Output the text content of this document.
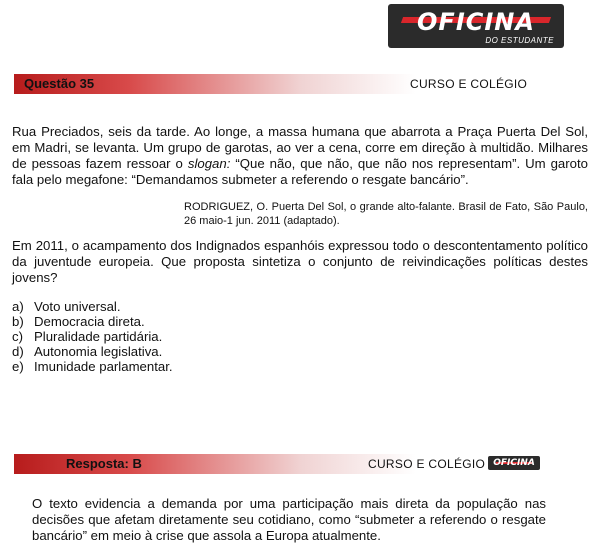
OFICINA
DO ESTUDANTE
Questão 35	CURSO E COLÉGIO
Rua Preciados, seis da tarde. Ao longe, a massa humana que abarrota a Praça Puerta Del Sol, em Madri, se levanta. Um grupo de garotas, ao ver a cena, corre em direção à multidão. Milhares de pessoas fazem ressoar o slogan: “Que não, que não, que não nos representam”. Um garoto fala pelo megafone: “Demandamos submeter a referendo o resgate bancário”.
RODRIGUEZ, O. Puerta Del Sol, o grande alto-falante. Brasil de Fato, São Paulo, 26 maio-1 jun. 2011 (adaptado).
Em 2011, o acampamento dos Indignados espanhóis expressou todo o descontentamento político da juventude europeia. Que proposta sintetiza o conjunto de reivindicações políticas destes jovens?
a) Voto universal.
b) Democracia direta.
c) Pluralidade partidária.
d) Autonomia legislativa.
e) Imunidade parlamentar.
Resposta: B	CURSO E COLÉGIO OFICINA
O texto evidencia a demanda por uma participação mais direta da população nas decisões que afetam diretamente seu cotidiano, como “submeter a referendo o resgate bancário” em meio à crise que assola a Europa atualmente.
